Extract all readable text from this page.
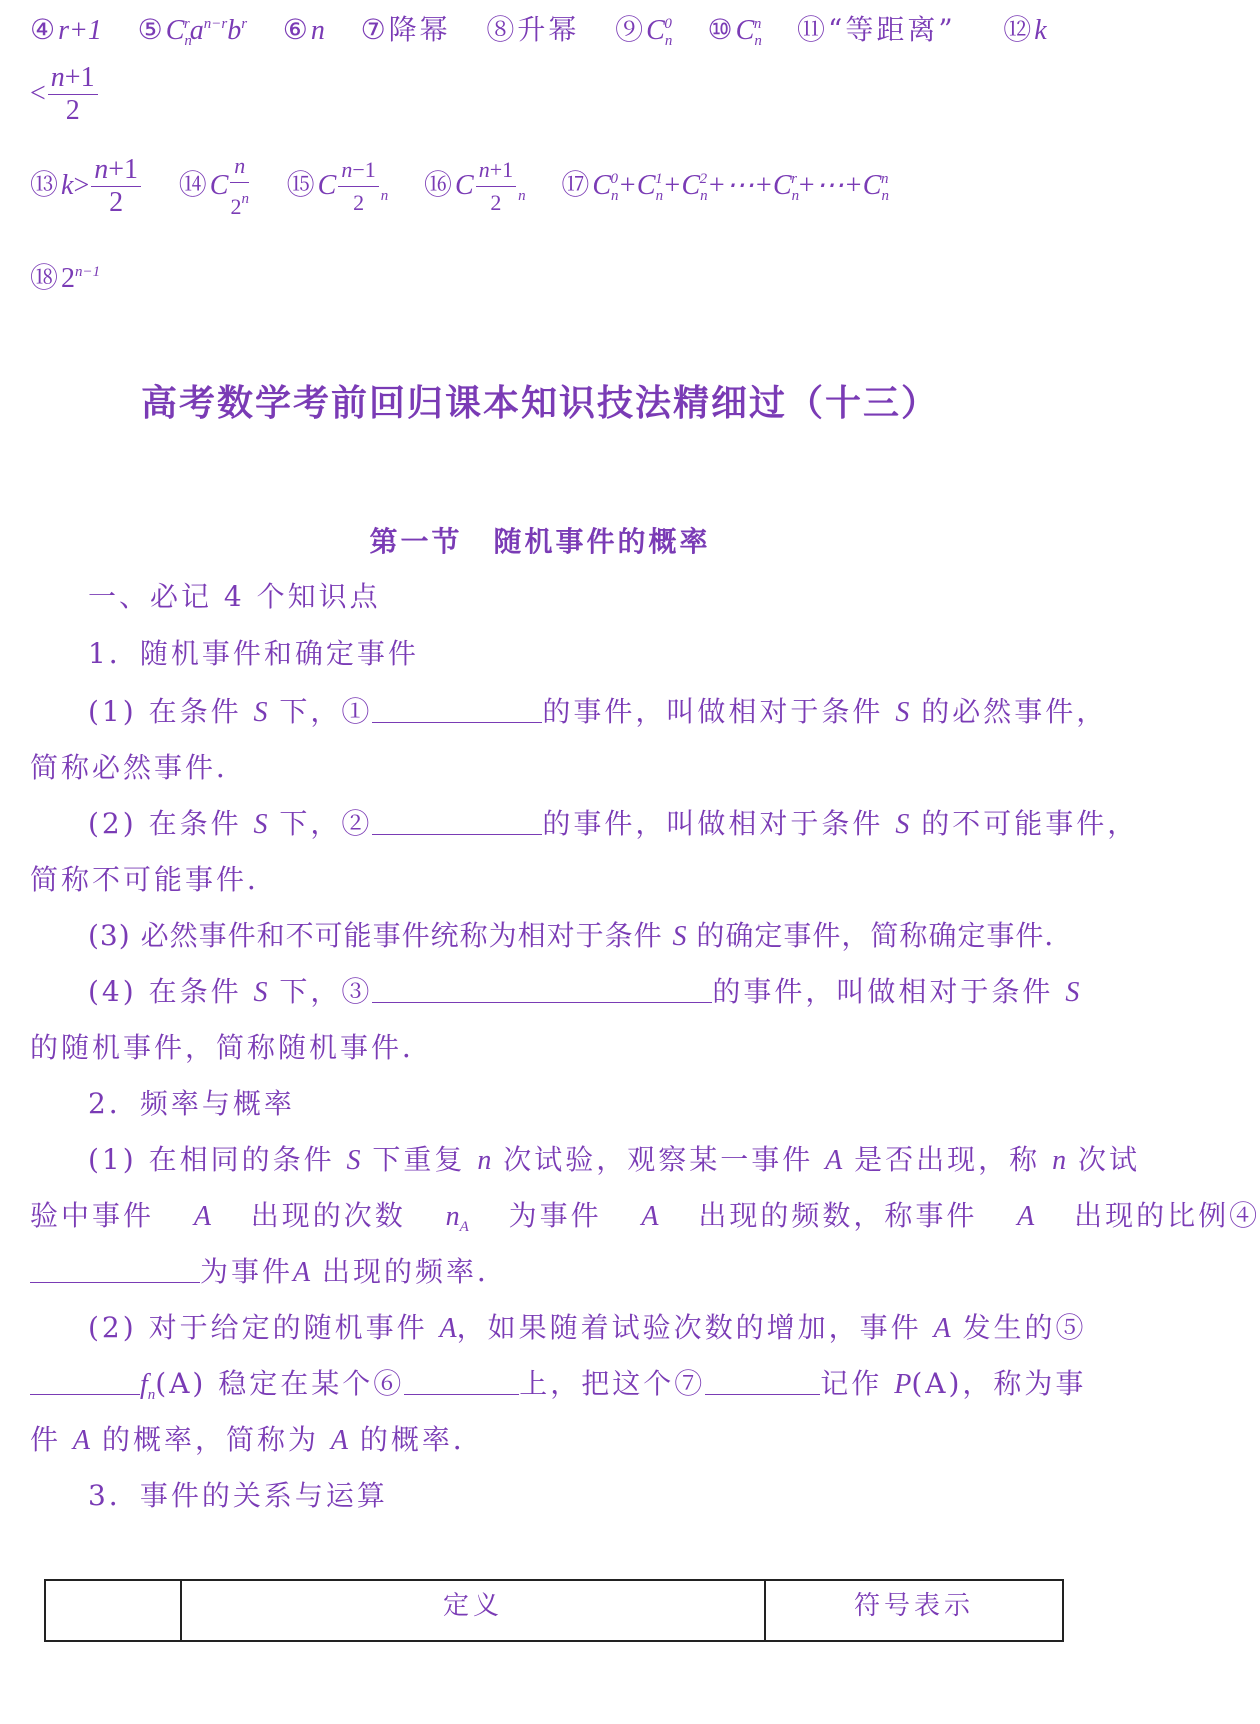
④r+1 $⑤C_n^ra^{n-r}b^r$ ⑥n ⑦降幂 ⑧升幂 $⑨C_n^0$ $⑩C_n^n$ ⑪“等距离” ⑫k
< $\frac{n+1}{2}$
⑬k> $\frac{n+1}{2}$ ⑭C $\frac{n}{2^n}$ ⑮C $\frac{n-1}{2} _n$ ⑯C $\frac{n+1}{2} _n$ $⑰C_n^0+C_n^1+C_n^2+\cdots+C_n^r+\cdots+C_n^n$
$⑱2^{n-1}$
高考数学考前回归课本知识技法精细过（十三）
第一节　随机事件的概率
一、必记 4 个知识点
1．随机事件和确定事件
(1) 在条件 S 下，①	的事件，叫做相对于条件 S 的必然事件，
简称必然事件．
(2) 在条件 S 下，②	的事件，叫做相对于条件 S 的不可能事件，
简称不可能事件．
(3) 必然事件和不可能事件统称为相对于条件 S 的确定事件，简称确定事件．
(4) 在条件 S 下，③	的事件，叫做相对于条件 S
的随机事件，简称随机事件．
2．频率与概率
(1) 在相同的条件 S 下重复 n 次试验，观察某一事件 A 是否出现，称 n 次试
验中事件 A 出现的次数 $n_A$ 为事件 A 出现的频数，称事件 A 出现的比例④
为事件A 出现的频率．
(2) 对于给定的随机事件 A，如果随着试验次数的增加，事件 A 发生的⑤
$f_n(A)$ 稳定在某个⑥	上，把这个⑦	记作 P(A)，称为事
件 A 的概率，简称为 A 的概率．
3．事件的关系与运算
	定义	符号表示
